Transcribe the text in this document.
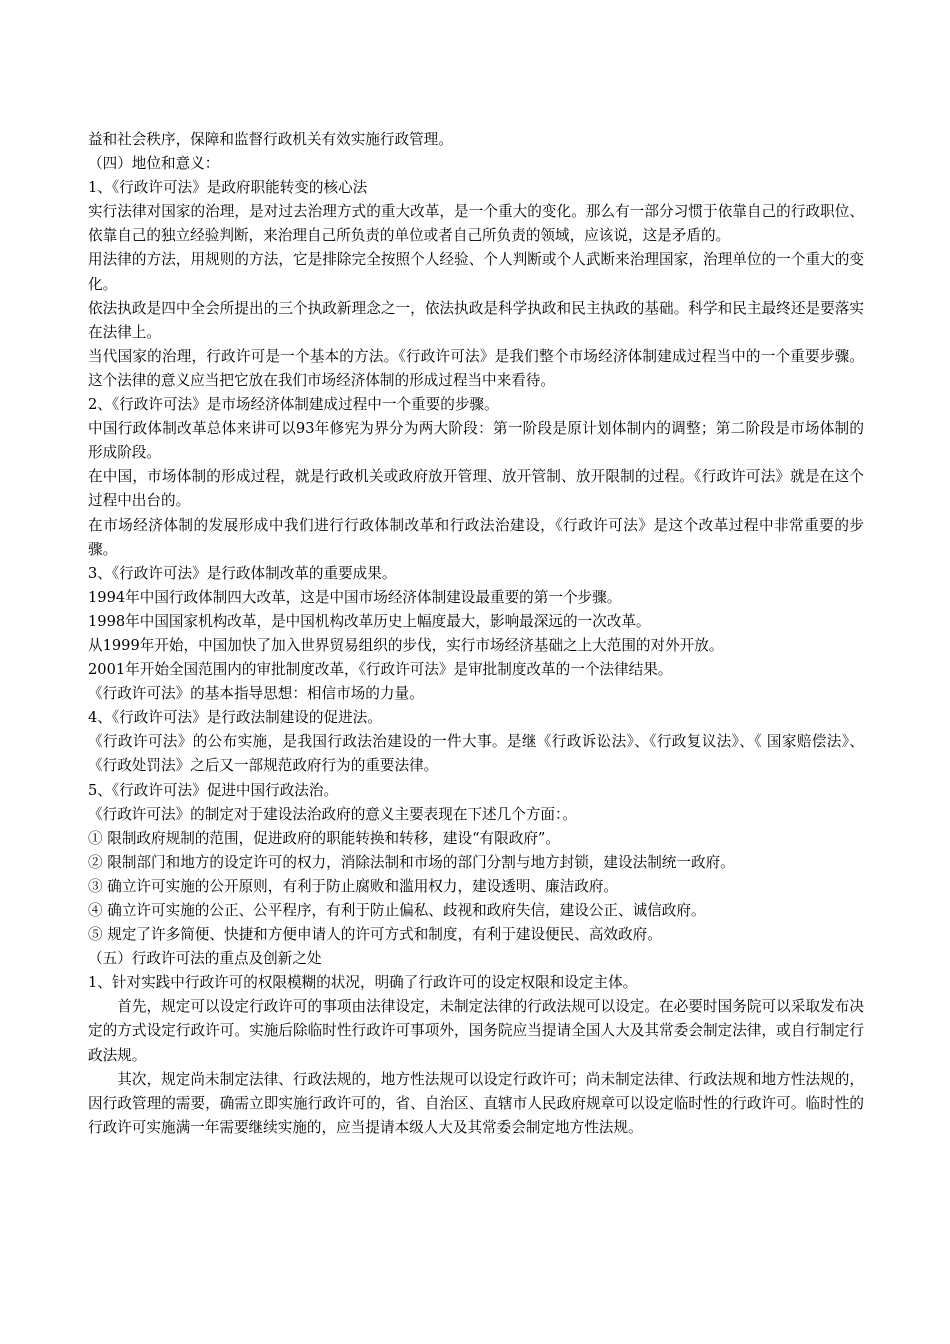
益和社会秩序，保障和监督行政机关有效实施行政管理。

（四）地位和意义：

1、《行政许可法》是政府职能转变的核心法

实行法律对国家的治理，是对过去治理方式的重大改革，是一个重大的变化。那么有一部分习惯于依靠自己的行政职位、依靠自己的独立经验判断，来治理自己所负责的单位或者自己所负责的领域，应该说，这是矛盾的。

用法律的方法，用规则的方法，它是排除完全按照个人经验、个人判断或个人武断来治理国家，治理单位的一个重大的变化。

依法执政是四中全会所提出的三个执政新理念之一，依法执政是科学执政和民主执政的基础。科学和民主最终还是要落实在法律上。

当代国家的治理，行政许可是一个基本的方法。《行政许可法》是我们整个市场经济体制建成过程当中的一个重要步骤。这个法律的意义应当把它放在我们市场经济体制的形成过程当中来看待。

2、《行政许可法》是市场经济体制建成过程中一个重要的步骤。

中国行政体制改革总体来讲可以93年修宪为界分为两大阶段：第一阶段是原计划体制内的调整；第二阶段是市场体制的形成阶段。

在中国，市场体制的形成过程，就是行政机关或政府放开管理、放开管制、放开限制的过程。《行政许可法》就是在这个过程中出台的。

在市场经济体制的发展形成中我们进行行政体制改革和行政法治建设，《行政许可法》是这个改革过程中非常重要的步骤。

3、《行政许可法》是行政体制改革的重要成果。

1994年中国行政体制四大改革，这是中国市场经济体制建设最重要的第一个步骤。

1998年中国国家机构改革，是中国机构改革历史上幅度最大，影响最深远的一次改革。

从1999年开始，中国加快了加入世界贸易组织的步伐，实行市场经济基础之上大范围的对外开放。

2001年开始全国范围内的审批制度改革，《行政许可法》是审批制度改革的一个法律结果。

《行政许可法》的基本指导思想：相信市场的力量。

4、《行政许可法》是行政法制建设的促进法。

《行政许可法》的公布实施，是我国行政法治建设的一件大事。是继《行政诉讼法》、《行政复议法》、《 国家赔偿法》、《行政处罚法》之后又一部规范政府行为的重要法律。

5、《行政许可法》促进中国行政法治。

《行政许可法》的制定对于建设法治政府的意义主要表现在下述几个方面：。

① 限制政府规制的范围，促进政府的职能转换和转移，建设“有限政府”。

② 限制部门和地方的设定许可的权力，消除法制和市场的部门分割与地方封锁，建设法制统一政府。

③ 确立许可实施的公开原则，有利于防止腐败和滥用权力，建设透明、廉洁政府。

④ 确立许可实施的公正、公平程序，有利于防止偏私、歧视和政府失信，建设公正、诚信政府。

⑤ 规定了许多简便、快捷和方便申请人的许可方式和制度，有利于建设便民、高效政府。

（五）行政许可法的重点及创新之处

1、针对实践中行政许可的权限模糊的状况，明确了行政许可的设定权限和设定主体。

首先，规定可以设定行政许可的事项由法律设定，未制定法律的行政法规可以设定。在必要时国务院可以采取发布决定的方式设定行政许可。实施后除临时性行政许可事项外，国务院应当提请全国人大及其常委会制定法律，或自行制定行政法规。

其次，规定尚未制定法律、行政法规的，地方性法规可以设定行政许可；尚未制定法律、行政法规和地方性法规的，因行政管理的需要，确需立即实施行政许可的，省、自治区、直辖市人民政府规章可以设定临时性的行政许可。临时性的行政许可实施满一年需要继续实施的，应当提请本级人大及其常委会制定地方性法规。
